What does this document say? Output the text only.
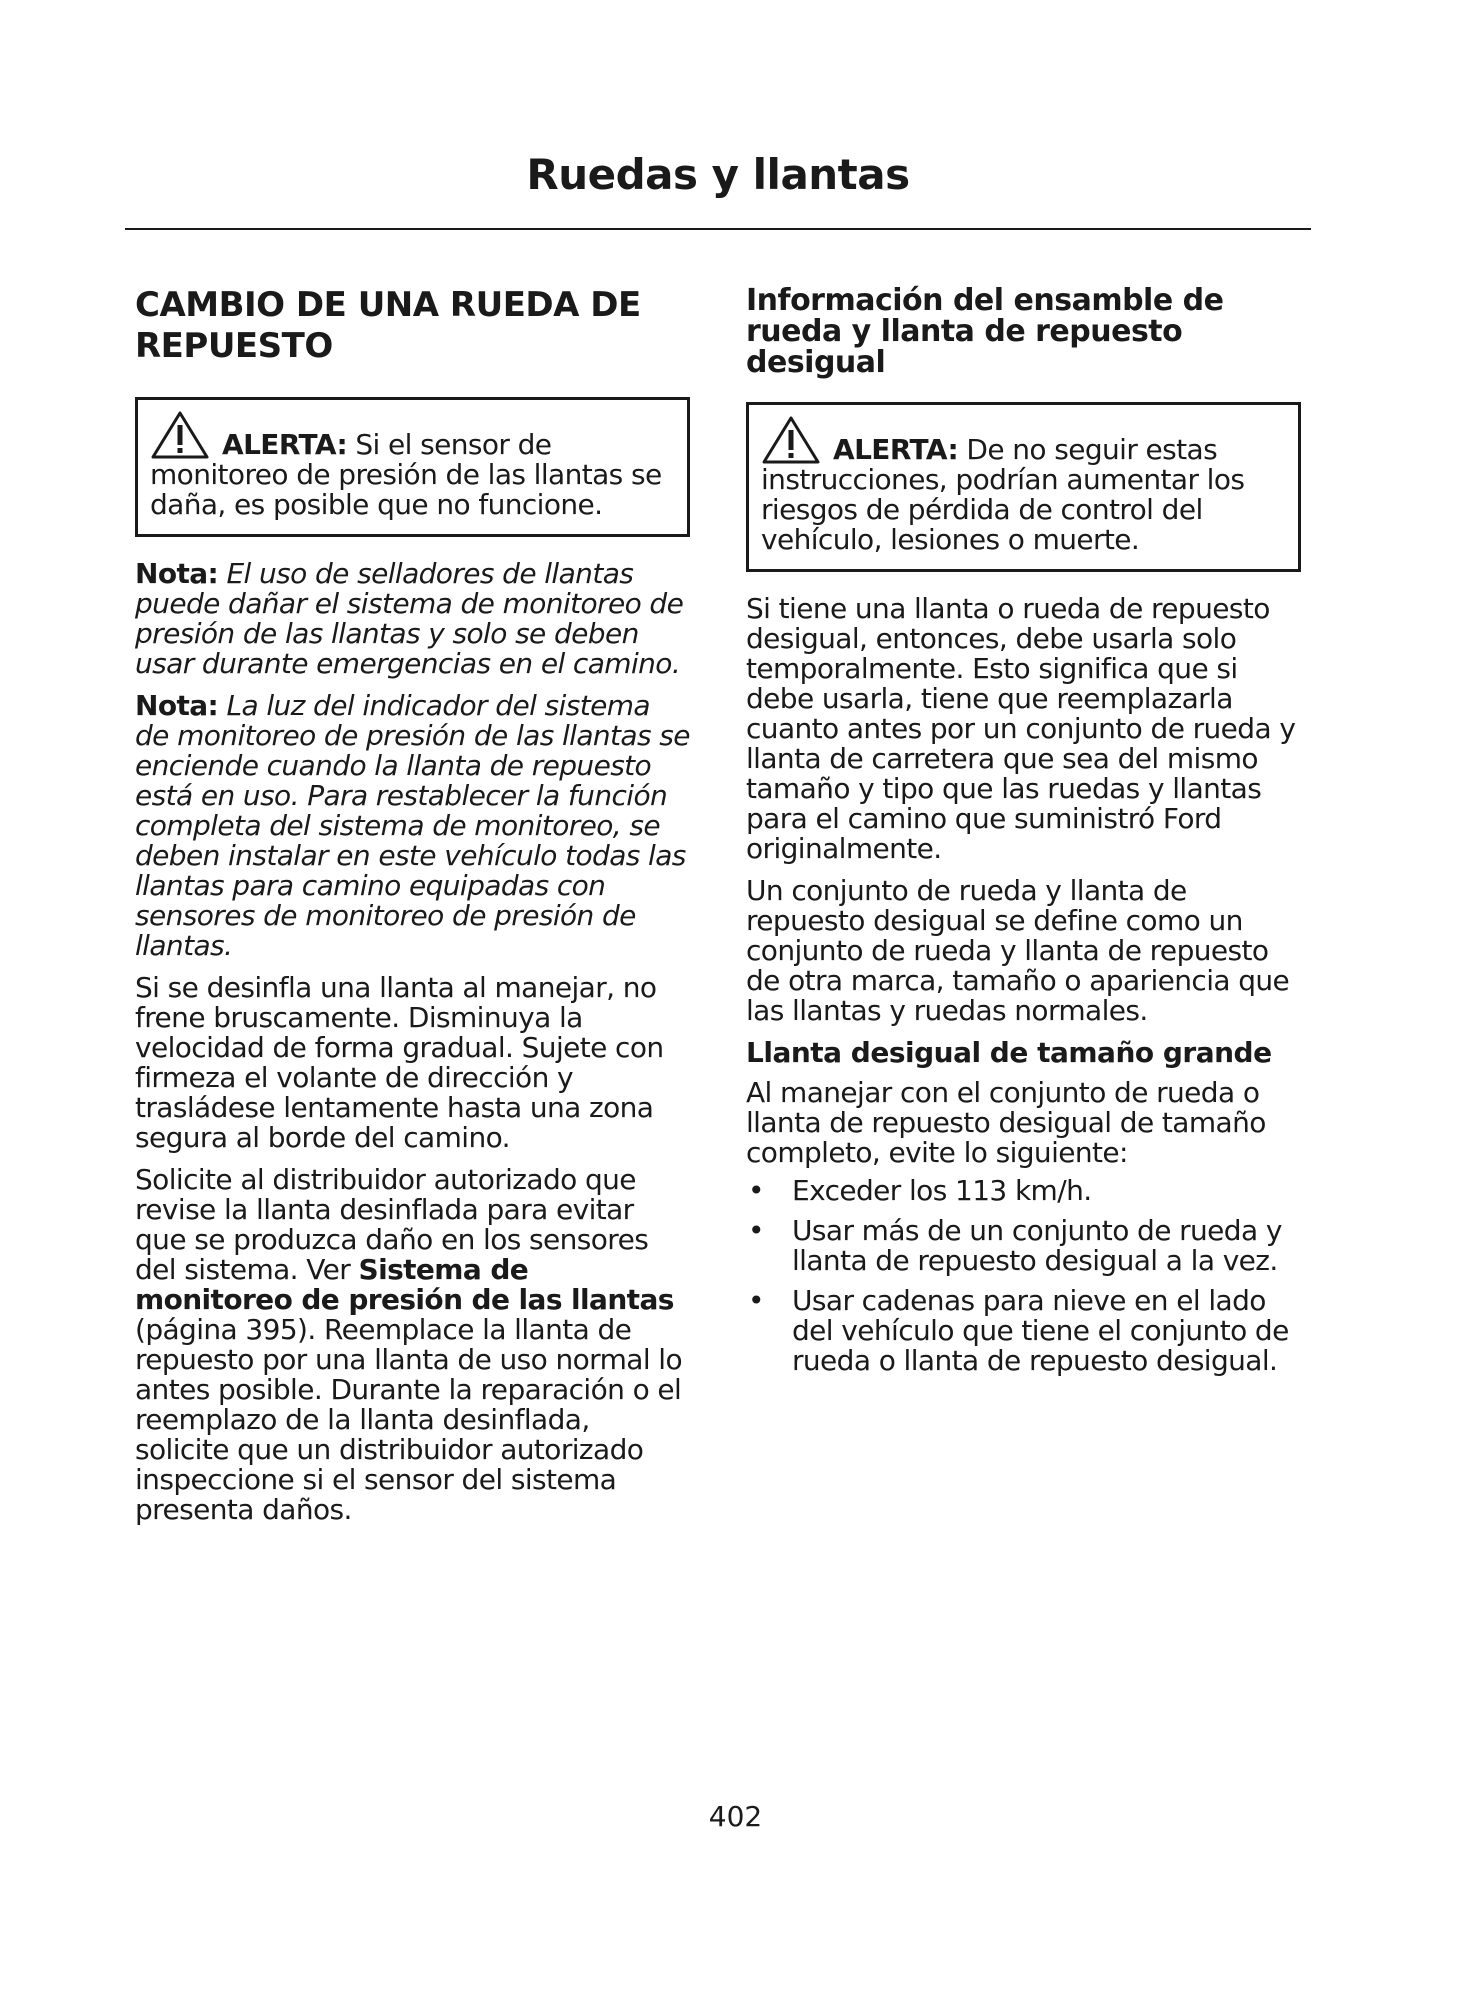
Ruedas y llantas
CAMBIO DE UNA RUEDA DE REPUESTO

ALERTA: Si el sensor de monitoreo de presión de las llantas se daña, es posible que no funcione.

Nota: El uso de selladores de llantas puede dañar el sistema de monitoreo de presión de las llantas y solo se deben usar durante emergencias en el camino.

Nota: La luz del indicador del sistema de monitoreo de presión de las llantas se enciende cuando la llanta de repuesto está en uso. Para restablecer la función completa del sistema de monitoreo, se deben instalar en este vehículo todas las llantas para camino equipadas con sensores de monitoreo de presión de llantas.

Si se desinfla una llanta al manejar, no frene bruscamente. Disminuya la velocidad de forma gradual. Sujete con firmeza el volante de dirección y trasládese lentamente hasta una zona segura al borde del camino.

Solicite al distribuidor autorizado que revise la llanta desinflada para evitar que se produzca daño en los sensores del sistema. Ver Sistema de monitoreo de presión de las llantas (página 395). Reemplace la llanta de repuesto por una llanta de uso normal lo antes posible. Durante la reparación o el reemplazo de la llanta desinflada, solicite que un distribuidor autorizado inspeccione si el sensor del sistema presenta daños.

Información del ensamble de rueda y llanta de repuesto desigual

ALERTA: De no seguir estas instrucciones, podrían aumentar los riesgos de pérdida de control del vehículo, lesiones o muerte.

Si tiene una llanta o rueda de repuesto desigual, entonces, debe usarla solo temporalmente. Esto significa que si debe usarla, tiene que reemplazarla cuanto antes por un conjunto de rueda y llanta de carretera que sea del mismo tamaño y tipo que las ruedas y llantas para el camino que suministró Ford originalmente.

Un conjunto de rueda y llanta de repuesto desigual se define como un conjunto de rueda y llanta de repuesto de otra marca, tamaño o apariencia que las llantas y ruedas normales.

Llanta desigual de tamaño grande

Al manejar con el conjunto de rueda o llanta de repuesto desigual de tamaño completo, evite lo siguiente:

• Exceder los 113 km/h.
• Usar más de un conjunto de rueda y llanta de repuesto desigual a la vez.
• Usar cadenas para nieve en el lado del vehículo que tiene el conjunto de rueda o llanta de repuesto desigual.
402
